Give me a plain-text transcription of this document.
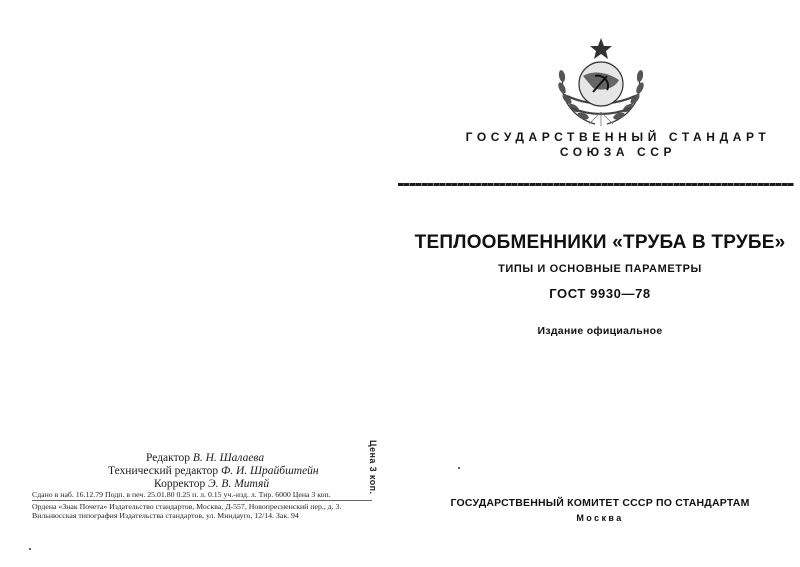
Редактор В. Н. Шалаева
Технический редактор Ф. И. Шрайбштейн
Корректор Э. В. Митяй
Сдано в наб. 16.12.79 Подп. в печ. 25.01.80 0.25 п. л. 0.15 уч.-изд. л. Тир. 6000 Цена 3 коп.
Ордена «Знак Почета» Издательство стандартов, Москва, Д-557, Новопресненский пер., д. 3.
Вильнюсская типография Издательства стандартов, ул. Миндауго, 12/14. Зак. 94
Цена 3 коп.
ГОСУДАРСТВЕННЫЙ СТАНДАРТ
СОЮЗА ССР
ТЕПЛООБМЕННИКИ «ТРУБА В ТРУБЕ»
ТИПЫ И ОСНОВНЫЕ ПАРАМЕТРЫ
ГОСТ 9930—78
Издание официальное
ГОСУДАРСТВЕННЫЙ КОМИТЕТ СССР ПО СТАНДАРТАМ
Москва
